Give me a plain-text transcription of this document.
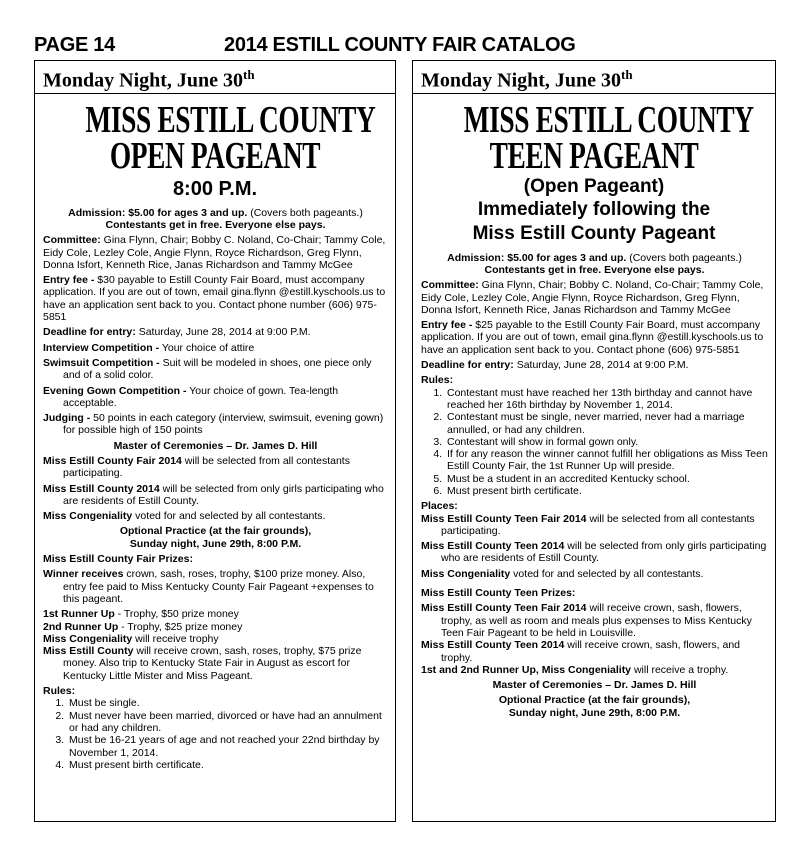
PAGE 14	2014 ESTILL COUNTY FAIR CATALOG
Monday Night, June 30th
MISS ESTILL COUNTY
OPEN PAGEANT
8:00 P.M.

Admission: $5.00 for ages 3 and up. (Covers both pageants.)
Contestants get in free. Everyone else pays.

Committee: Gina Flynn, Chair; Bobby C. Noland, Co-Chair; Tammy Cole, Eidy Cole, Lezley Cole, Angie Flynn, Royce Richardson, Greg Flynn, Donna Isfort, Kenneth Rice, Janas Richardson and Tammy McGee

Entry fee - $30 payable to Estill County Fair Board, must accompany application. If you are out of town, email gina.flynn @estill.kyschools.us to have an application sent back to you. Contact phone number (606) 975-5851

Deadline for entry: Saturday, June 28, 2014 at 9:00 P.M.

Interview Competition - Your choice of attire

Swimsuit Competition - Suit will be modeled in shoes, one piece only and of a solid color.

Evening Gown Competition - Your choice of gown. Tea-length acceptable.

Judging - 50 points in each category (interview, swimsuit, evening gown) for possible high of 150 points

Master of Ceremonies – Dr. James D. Hill

Miss Estill County Fair 2014 will be selected from all contestants participating.

Miss Estill County 2014 will be selected from only girls participating who are residents of Estill County.

Miss Congeniality voted for and selected by all contestants.

Optional Practice (at the fair grounds),
Sunday night, June 29th, 8:00 P.M.

Miss Estill County Fair Prizes:

Winner receives crown, sash, roses, trophy, $100 prize money. Also, entry fee paid to Miss Kentucky County Fair Pageant +expenses to this pageant.

1st Runner Up - Trophy, $50 prize money

2nd Runner Up - Trophy, $25 prize money

Miss Congeniality will receive trophy

Miss Estill County will receive crown, sash, roses, trophy, $75 prize money. Also trip to Kentucky State Fair in August as escort for Kentucky Little Mister and Miss Pageant.

Rules:

1. Must be single.
2. Must never have been married, divorced or have had an annulment or had any children.
3. Must be 16-21 years of age and not reached your 22nd birthday by November 1, 2014.
4. Must present birth certificate.
Monday Night, June 30th
MISS ESTILL COUNTY
TEEN PAGEANT
(Open Pageant)
Immediately following the
Miss Estill County Pageant

Admission: $5.00 for ages 3 and up. (Covers both pageants.)
Contestants get in free. Everyone else pays.

Committee: Gina Flynn, Chair; Bobby C. Noland, Co-Chair; Tammy Cole, Eidy Cole, Lezley Cole, Angie Flynn, Royce Richardson, Greg Flynn, Donna Isfort, Kenneth Rice, Janas Richardson and Tammy McGee

Entry fee - $25 payable to the Estill County Fair Board, must accompany application. If you are out of town, email gina.flynn @estill.kyschools.us to have an application sent back to you. Contact phone (606) 975-5851

Deadline for entry: Saturday, June 28, 2014 at 9:00 P.M.

Rules:

1. Contestant must have reached her 13th birthday and cannot have reached her 16th birthday by November 1, 2014.
2. Contestant must be single, never married, never had a marriage annulled, or had any children.
3. Contestant will show in formal gown only.
4. If for any reason the winner cannot fulfill her obligations as Miss Teen Estill County Fair, the 1st Runner Up will preside.
5. Must be a student in an accredited Kentucky school.
6. Must present birth certificate.

Places:

Miss Estill County Teen Fair 2014 will be selected from all contestants participating.

Miss Estill County Teen 2014 will be selected from only girls participating who are residents of Estill County.

Miss Congeniality voted for and selected by all contestants.

Miss Estill County Teen Prizes:

Miss Estill County Teen Fair 2014 will receive crown, sash, flowers, trophy, as well as room and meals plus expenses to Miss Kentucky Teen Fair Pageant to be held in Louisville.

Miss Estill County Teen 2014 will receive crown, sash, flowers, and trophy.

1st and 2nd Runner Up, Miss Congeniality will receive a trophy.

Master of Ceremonies – Dr. James D. Hill

Optional Practice (at the fair grounds),
Sunday night, June 29th, 8:00 P.M.
